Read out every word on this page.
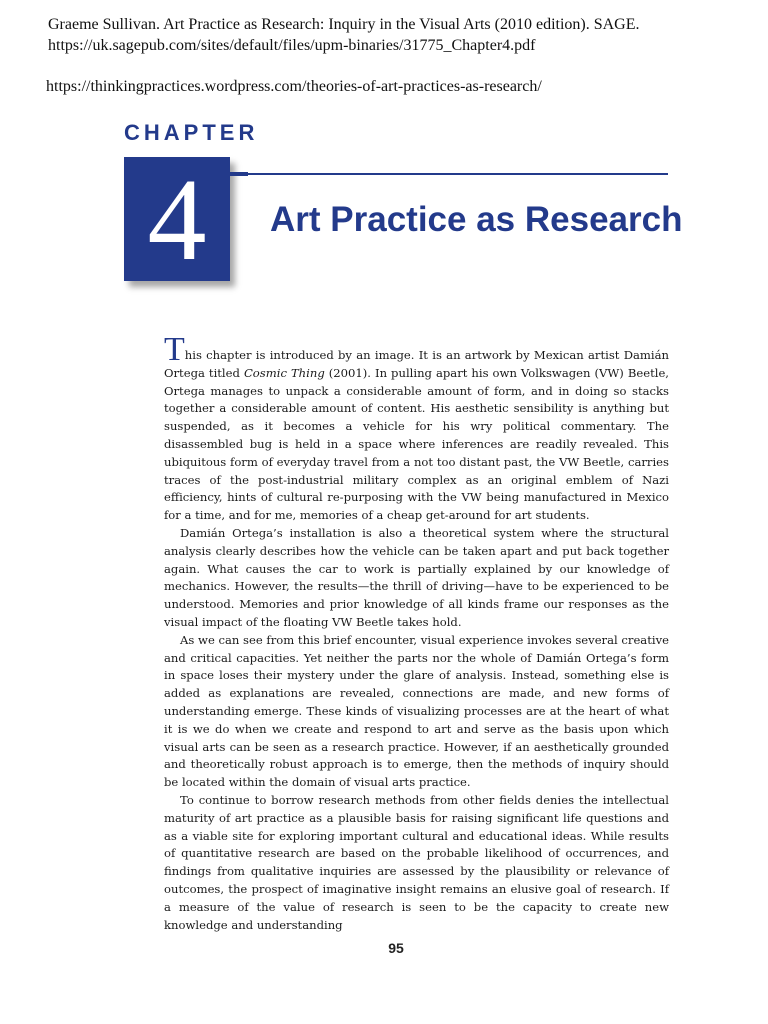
Graeme Sullivan. Art Practice as Research: Inquiry in the Visual Arts (2010 edition). SAGE.
https://uk.sagepub.com/sites/default/files/upm-binaries/31775_Chapter4.pdf
https://thinkingpractices.wordpress.com/theories-of-art-practices-as-research/
CHAPTER
4	Art Practice as Research

This chapter is introduced by an image. It is an artwork by Mexican artist Damián Ortega titled Cosmic Thing (2001). In pulling apart his own Volkswagen (VW) Beetle, Ortega manages to unpack a considerable amount of form, and in doing so stacks together a considerable amount of content. His aesthetic sensibility is anything but suspended, as it becomes a vehicle for his wry political commentary. The disassembled bug is held in a space where inferences are readily revealed. This ubiquitous form of everyday travel from a not too distant past, the VW Beetle, carries traces of the post-industrial military complex as an original emblem of Nazi efficiency, hints of cultural re-purposing with the VW being manufactured in Mexico for a time, and for me, memories of a cheap get-around for art students.

Damián Ortega’s installation is also a theoretical system where the structural analysis clearly describes how the vehicle can be taken apart and put back together again. What causes the car to work is partially explained by our knowledge of mechanics. However, the results—the thrill of driving—have to be experienced to be understood. Memories and prior knowledge of all kinds frame our responses as the visual impact of the floating VW Beetle takes hold.

As we can see from this brief encounter, visual experience invokes several creative and critical capacities. Yet neither the parts nor the whole of Damián Ortega’s form in space loses their mystery under the glare of analysis. Instead, something else is added as explanations are revealed, connections are made, and new forms of understanding emerge. These kinds of visualizing processes are at the heart of what it is we do when we create and respond to art and serve as the basis upon which visual arts can be seen as a research practice. However, if an aesthetically grounded and theoretically robust approach is to emerge, then the methods of inquiry should be located within the domain of visual arts practice.

To continue to borrow research methods from other fields denies the intellectual maturity of art practice as a plausible basis for raising significant life questions and as a viable site for exploring important cultural and educational ideas. While results of quantitative research are based on the probable likelihood of occurrences, and findings from qualitative inquiries are assessed by the plausibility or relevance of outcomes, the prospect of imaginative insight remains an elusive goal of research. If a measure of the value of research is seen to be the capacity to create new knowledge and understanding

95
